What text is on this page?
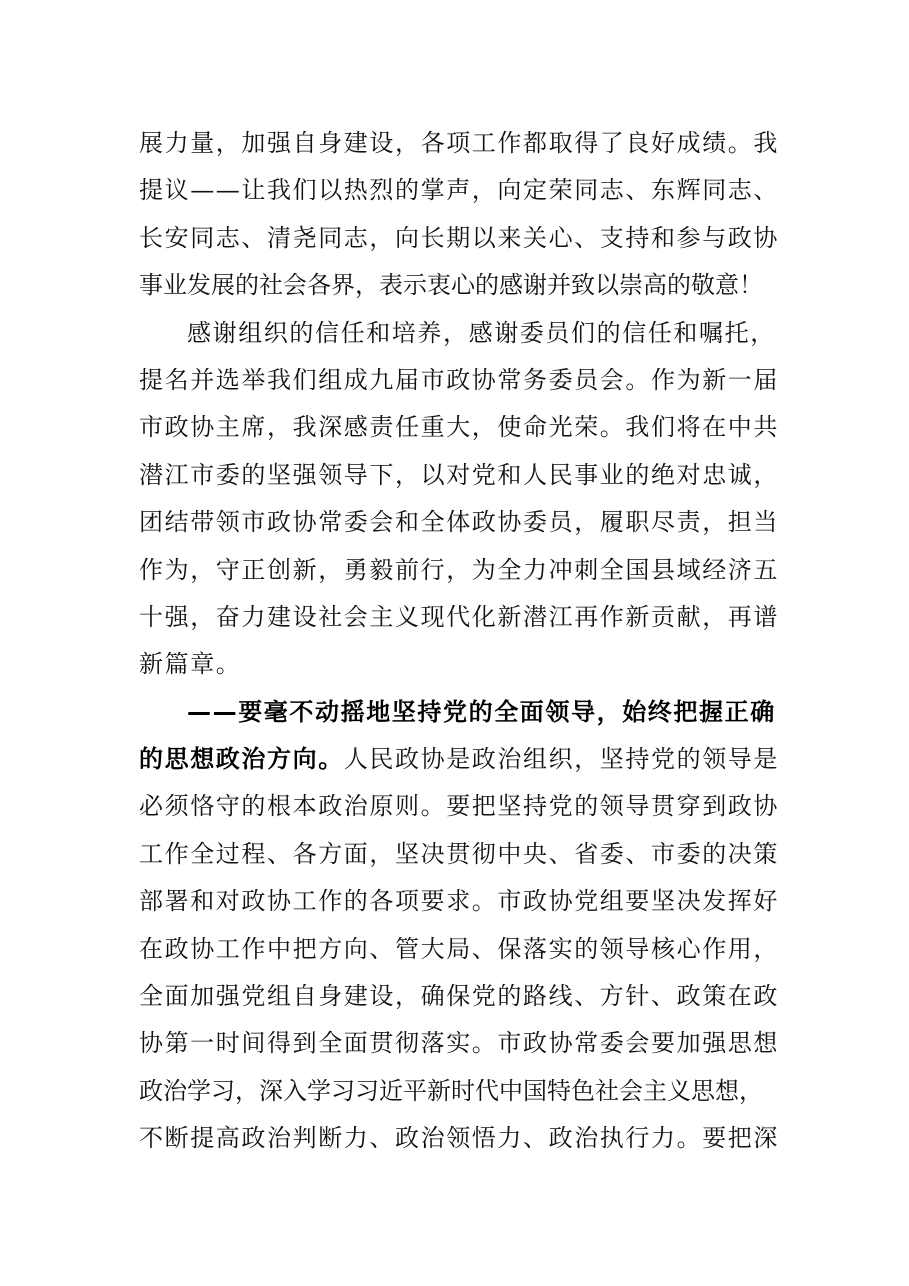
展力量，加强自身建设，各项工作都取得了良好成绩。我
提议——让我们以热烈的掌声，向定荣同志、东辉同志、
长安同志、清尧同志，向长期以来关心、支持和参与政协
事业发展的社会各界，表示衷心的感谢并致以崇高的敬意！
感谢组织的信任和培养，感谢委员们的信任和嘱托，
提名并选举我们组成九届市政协常务委员会。作为新一届
市政协主席，我深感责任重大，使命光荣。我们将在中共
潜江市委的坚强领导下，以对党和人民事业的绝对忠诚，
团结带领市政协常委会和全体政协委员，履职尽责，担当
作为，守正创新，勇毅前行，为全力冲刺全国县域经济五
十强，奋力建设社会主义现代化新潜江再作新贡献，再谱
新篇章。
——要毫不动摇地坚持党的全面领导，始终把握正确
的思想政治方向。人民政协是政治组织，坚持党的领导是
必须恪守的根本政治原则。要把坚持党的领导贯穿到政协
工作全过程、各方面，坚决贯彻中央、省委、市委的决策
部署和对政协工作的各项要求。市政协党组要坚决发挥好
在政协工作中把方向、管大局、保落实的领导核心作用，
全面加强党组自身建设，确保党的路线、方针、政策在政
协第一时间得到全面贯彻落实。市政协常委会要加强思想
政治学习，深入学习习近平新时代中国特色社会主义思想，
不断提高政治判断力、政治领悟力、政治执行力。要把深
